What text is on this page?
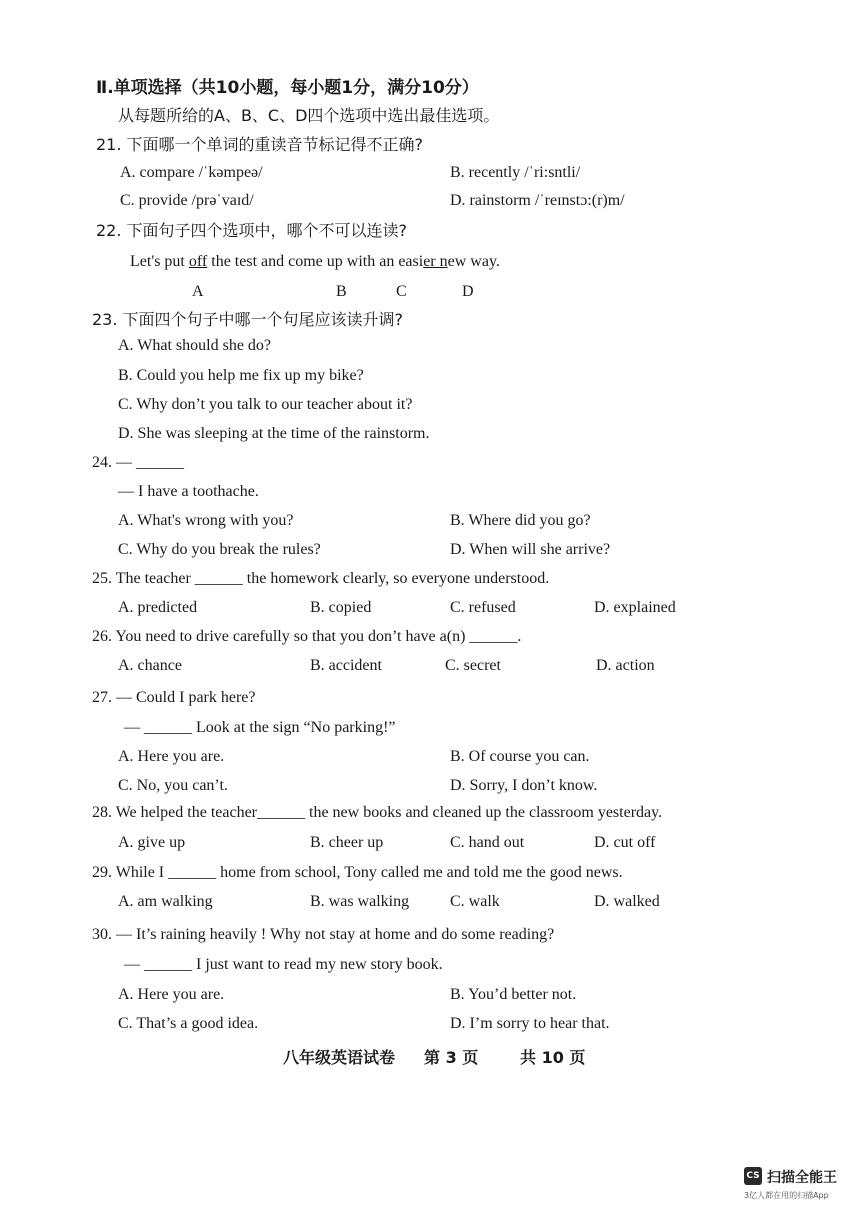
Ⅱ.单项选择（共10小题，每小题1分，满分10分）
从每题所给的A、B、C、D四个选项中选出最佳选项。
21. 下面哪一个单词的重读音节标记得不正确?
A. compare /ˈkəmpeə/	B. recently /ˈri:sntli/
C. provide /prəˈvaɪd/	D. rainstorm /ˈreɪnstɔ:(r)m/
22. 下面句子四个选项中，哪个不可以连读?
Let's put off the test and come up with an easier new way.
A	B	C	D
23. 下面四个句子中哪一个句尾应该读升调?
A. What should she do?
B. Could you help me fix up my bike?
C. Why don’t you talk to our teacher about it?
D. She was sleeping at the time of the rainstorm.
24. — ______
— I have a toothache.
A. What's wrong with you?	B. Where did you go?
C. Why do you break the rules?	D. When will she arrive?
25. The teacher ______ the homework clearly, so everyone understood.
A. predicted	B. copied	C. refused	D. explained
26. You need to drive carefully so that you don’t have a(n) ______.
A. chance	B. accident	C. secret	D. action
27. — Could I park here?
— ______ Look at the sign “No parking!”
A. Here you are.	B. Of course you can.
C. No, you can’t.	D. Sorry, I don’t know.
28. We helped the teacher______ the new books and cleaned up the classroom yesterday.
A. give up	B. cheer up	C. hand out	D. cut off
29. While I ______ home from school, Tony called me and told me the good news.
A. am walking	B. was walking	C. walk	D. walked
30. — It’s raining heavily ! Why not stay at home and do some reading?
— ______ I just want to read my new story book.
A. Here you are.	B. You’d better not.
C. That’s a good idea.	D. I’m sorry to hear that.
八年级英语试卷 第 3 页	共 10 页
CS 扫描全能王
3亿人都在用的扫描App
